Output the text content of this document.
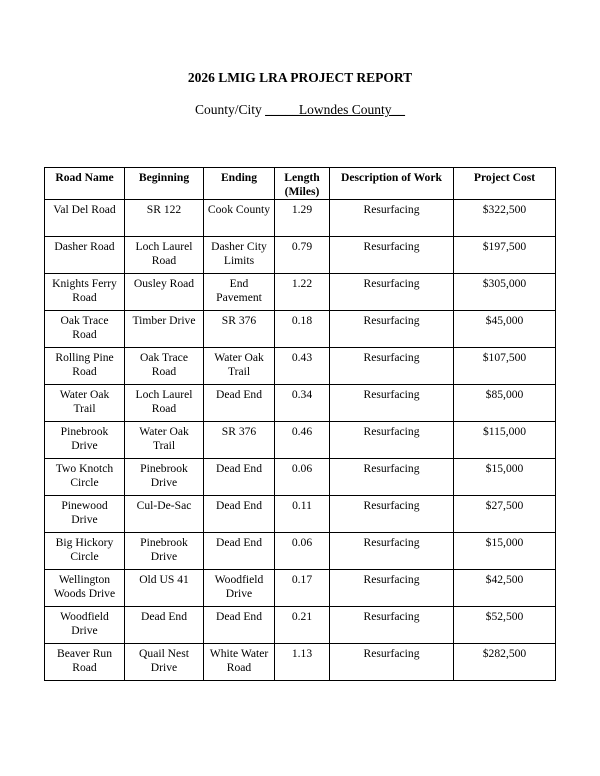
2026 LMIG LRA PROJECT REPORT
County/City _____Lowndes County__
Road Name	Beginning	Ending	Length (Miles)	Description of Work	Project Cost
Val Del Road	SR 122	Cook County	1.29	Resurfacing	$322,500
Dasher Road	Loch Laurel Road	Dasher City Limits	0.79	Resurfacing	$197,500
Knights Ferry Road	Ousley Road	End Pavement	1.22	Resurfacing	$305,000
Oak Trace Road	Timber Drive	SR 376	0.18	Resurfacing	$45,000
Rolling Pine Road	Oak Trace Road	Water Oak Trail	0.43	Resurfacing	$107,500
Water Oak Trail	Loch Laurel Road	Dead End	0.34	Resurfacing	$85,000
Pinebrook Drive	Water Oak Trail	SR 376	0.46	Resurfacing	$115,000
Two Knotch Circle	Pinebrook Drive	Dead End	0.06	Resurfacing	$15,000
Pinewood Drive	Cul-De-Sac	Dead End	0.11	Resurfacing	$27,500
Big Hickory Circle	Pinebrook Drive	Dead End	0.06	Resurfacing	$15,000
Wellington Woods Drive	Old US 41	Woodfield Drive	0.17	Resurfacing	$42,500
Woodfield Drive	Dead End	Dead End	0.21	Resurfacing	$52,500
Beaver Run Road	Quail Nest Drive	White Water Road	1.13	Resurfacing	$282,500
